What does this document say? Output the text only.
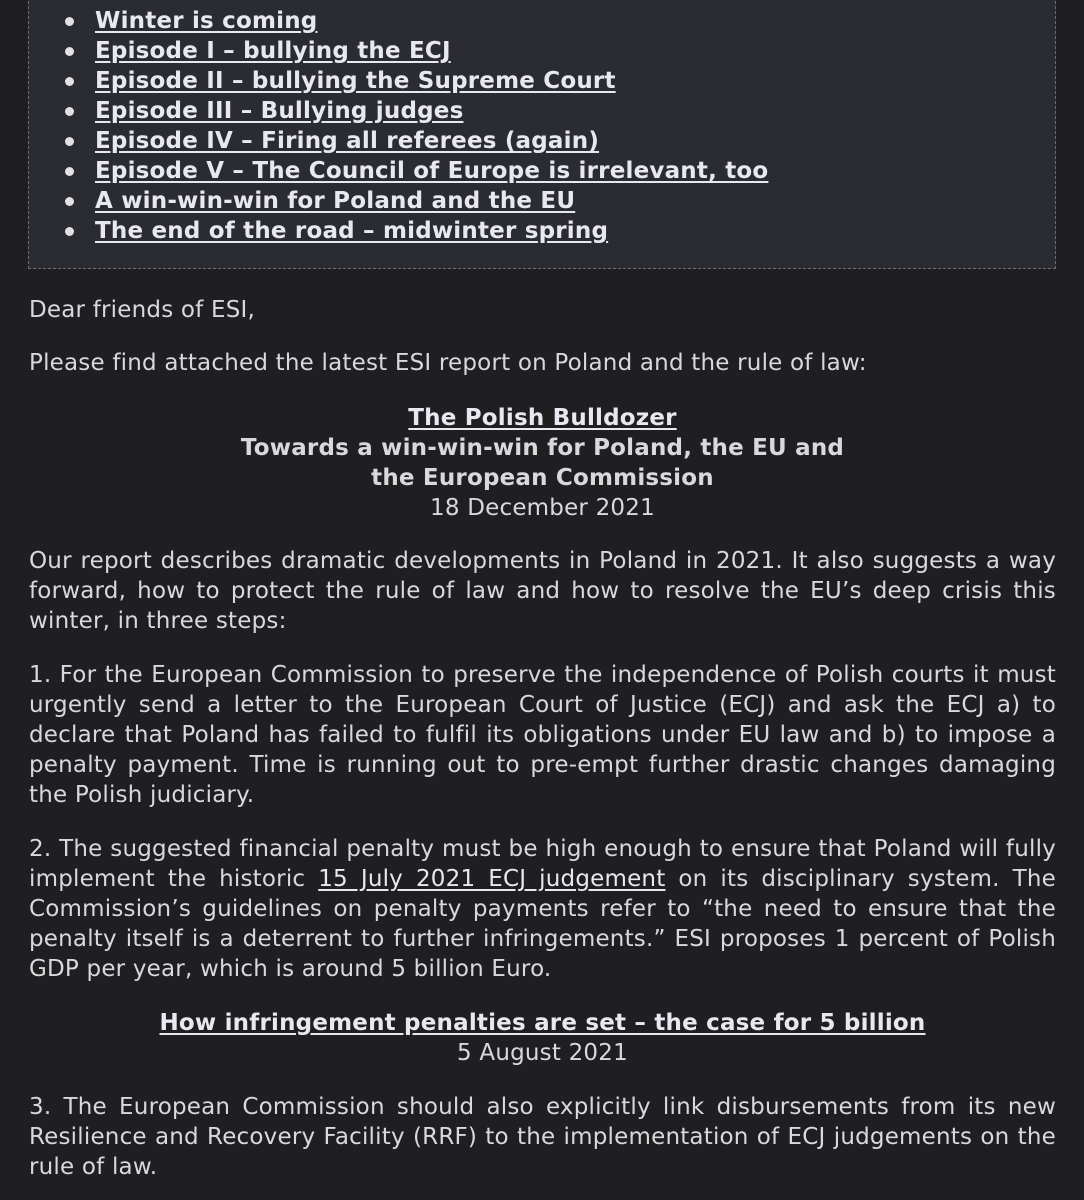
Winter is coming
Episode I – bullying the ECJ
Episode II – bullying the Supreme Court
Episode III – Bullying judges
Episode IV – Firing all referees (again)
Episode V – The Council of Europe is irrelevant, too
A win-win-win for Poland and the EU
The end of the road – midwinter spring

Dear friends of ESI,

Please find attached the latest ESI report on Poland and the rule of law:

The Polish Bulldozer
Towards a win-win-win for Poland, the EU and
the European Commission
18 December 2021

Our report describes dramatic developments in Poland in 2021. It also suggests a way forward, how to protect the rule of law and how to resolve the EU’s deep crisis this winter, in three steps:

1. For the European Commission to preserve the independence of Polish courts it must urgently send a letter to the European Court of Justice (ECJ) and ask the ECJ a) to declare that Poland has failed to fulfil its obligations under EU law and b) to impose a penalty payment. Time is running out to pre-empt further drastic changes damaging the Polish judiciary.

2. The suggested financial penalty must be high enough to ensure that Poland will fully implement the historic 15 July 2021 ECJ judgement on its disciplinary system. The Commission’s guidelines on penalty payments refer to “the need to ensure that the penalty itself is a deterrent to further infringements.” ESI proposes 1 percent of Polish GDP per year, which is around 5 billion Euro.

How infringement penalties are set – the case for 5 billion
5 August 2021

3. The European Commission should also explicitly link disbursements from its new Resilience and Recovery Facility (RRF) to the implementation of ECJ judgements on the rule of law.
